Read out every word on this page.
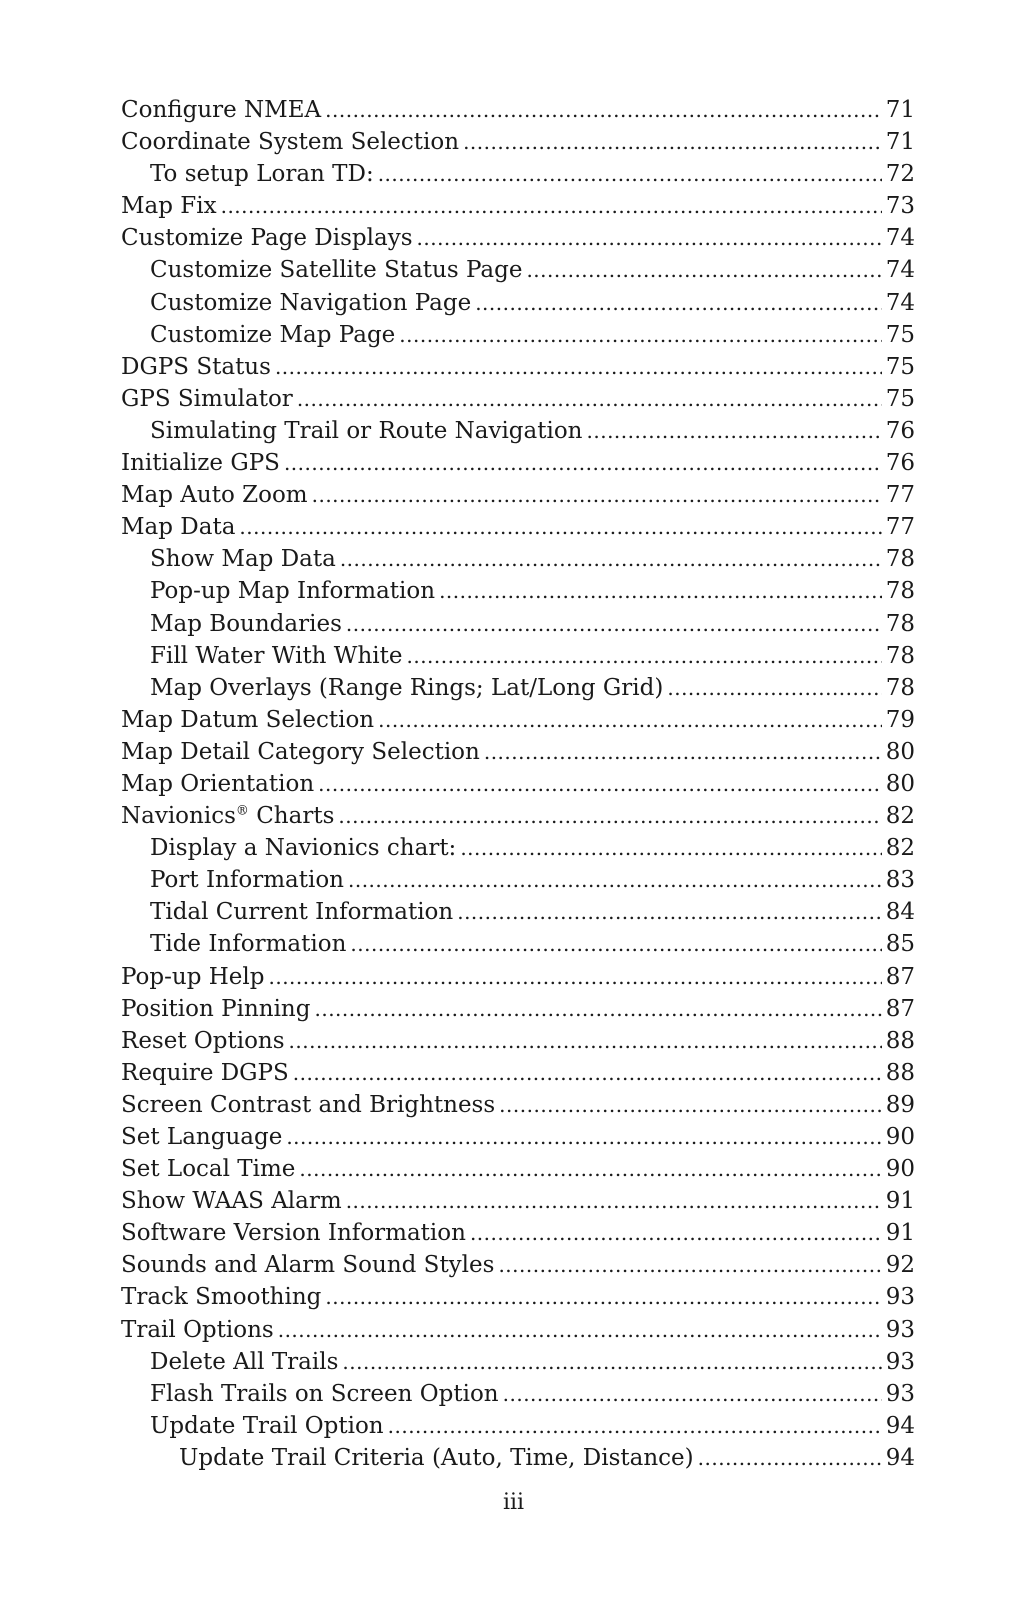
Configure NMEA .....	71
Coordinate System Selection .....	71
To setup Loran TD: .....	72
Map Fix .....	73
Customize Page Displays .....	74
Customize Satellite Status Page .....	74
Customize Navigation Page .....	74
Customize Map Page .....	75
DGPS Status .....	75
GPS Simulator .....	75
Simulating Trail or Route Navigation .....	76
Initialize GPS .....	76
Map Auto Zoom .....	77
Map Data .....	77
Show Map Data .....	78
Pop-up Map Information .....	78
Map Boundaries .....	78
Fill Water With White .....	78
Map Overlays (Range Rings; Lat/Long Grid) .....	78
Map Datum Selection .....	79
Map Detail Category Selection .....	80
Map Orientation .....	80
Navionics® Charts .....	82
Display a Navionics chart: .....	82
Port Information .....	83
Tidal Current Information .....	84
Tide Information .....	85
Pop-up Help .....	87
Position Pinning .....	87
Reset Options .....	88
Require DGPS .....	88
Screen Contrast and Brightness .....	89
Set Language .....	90
Set Local Time .....	90
Show WAAS Alarm .....	91
Software Version Information .....	91
Sounds and Alarm Sound Styles .....	92
Track Smoothing .....	93
Trail Options .....	93
Delete All Trails .....	93
Flash Trails on Screen Option .....	93
Update Trail Option .....	94
Update Trail Criteria (Auto, Time, Distance) .....	94
iii
